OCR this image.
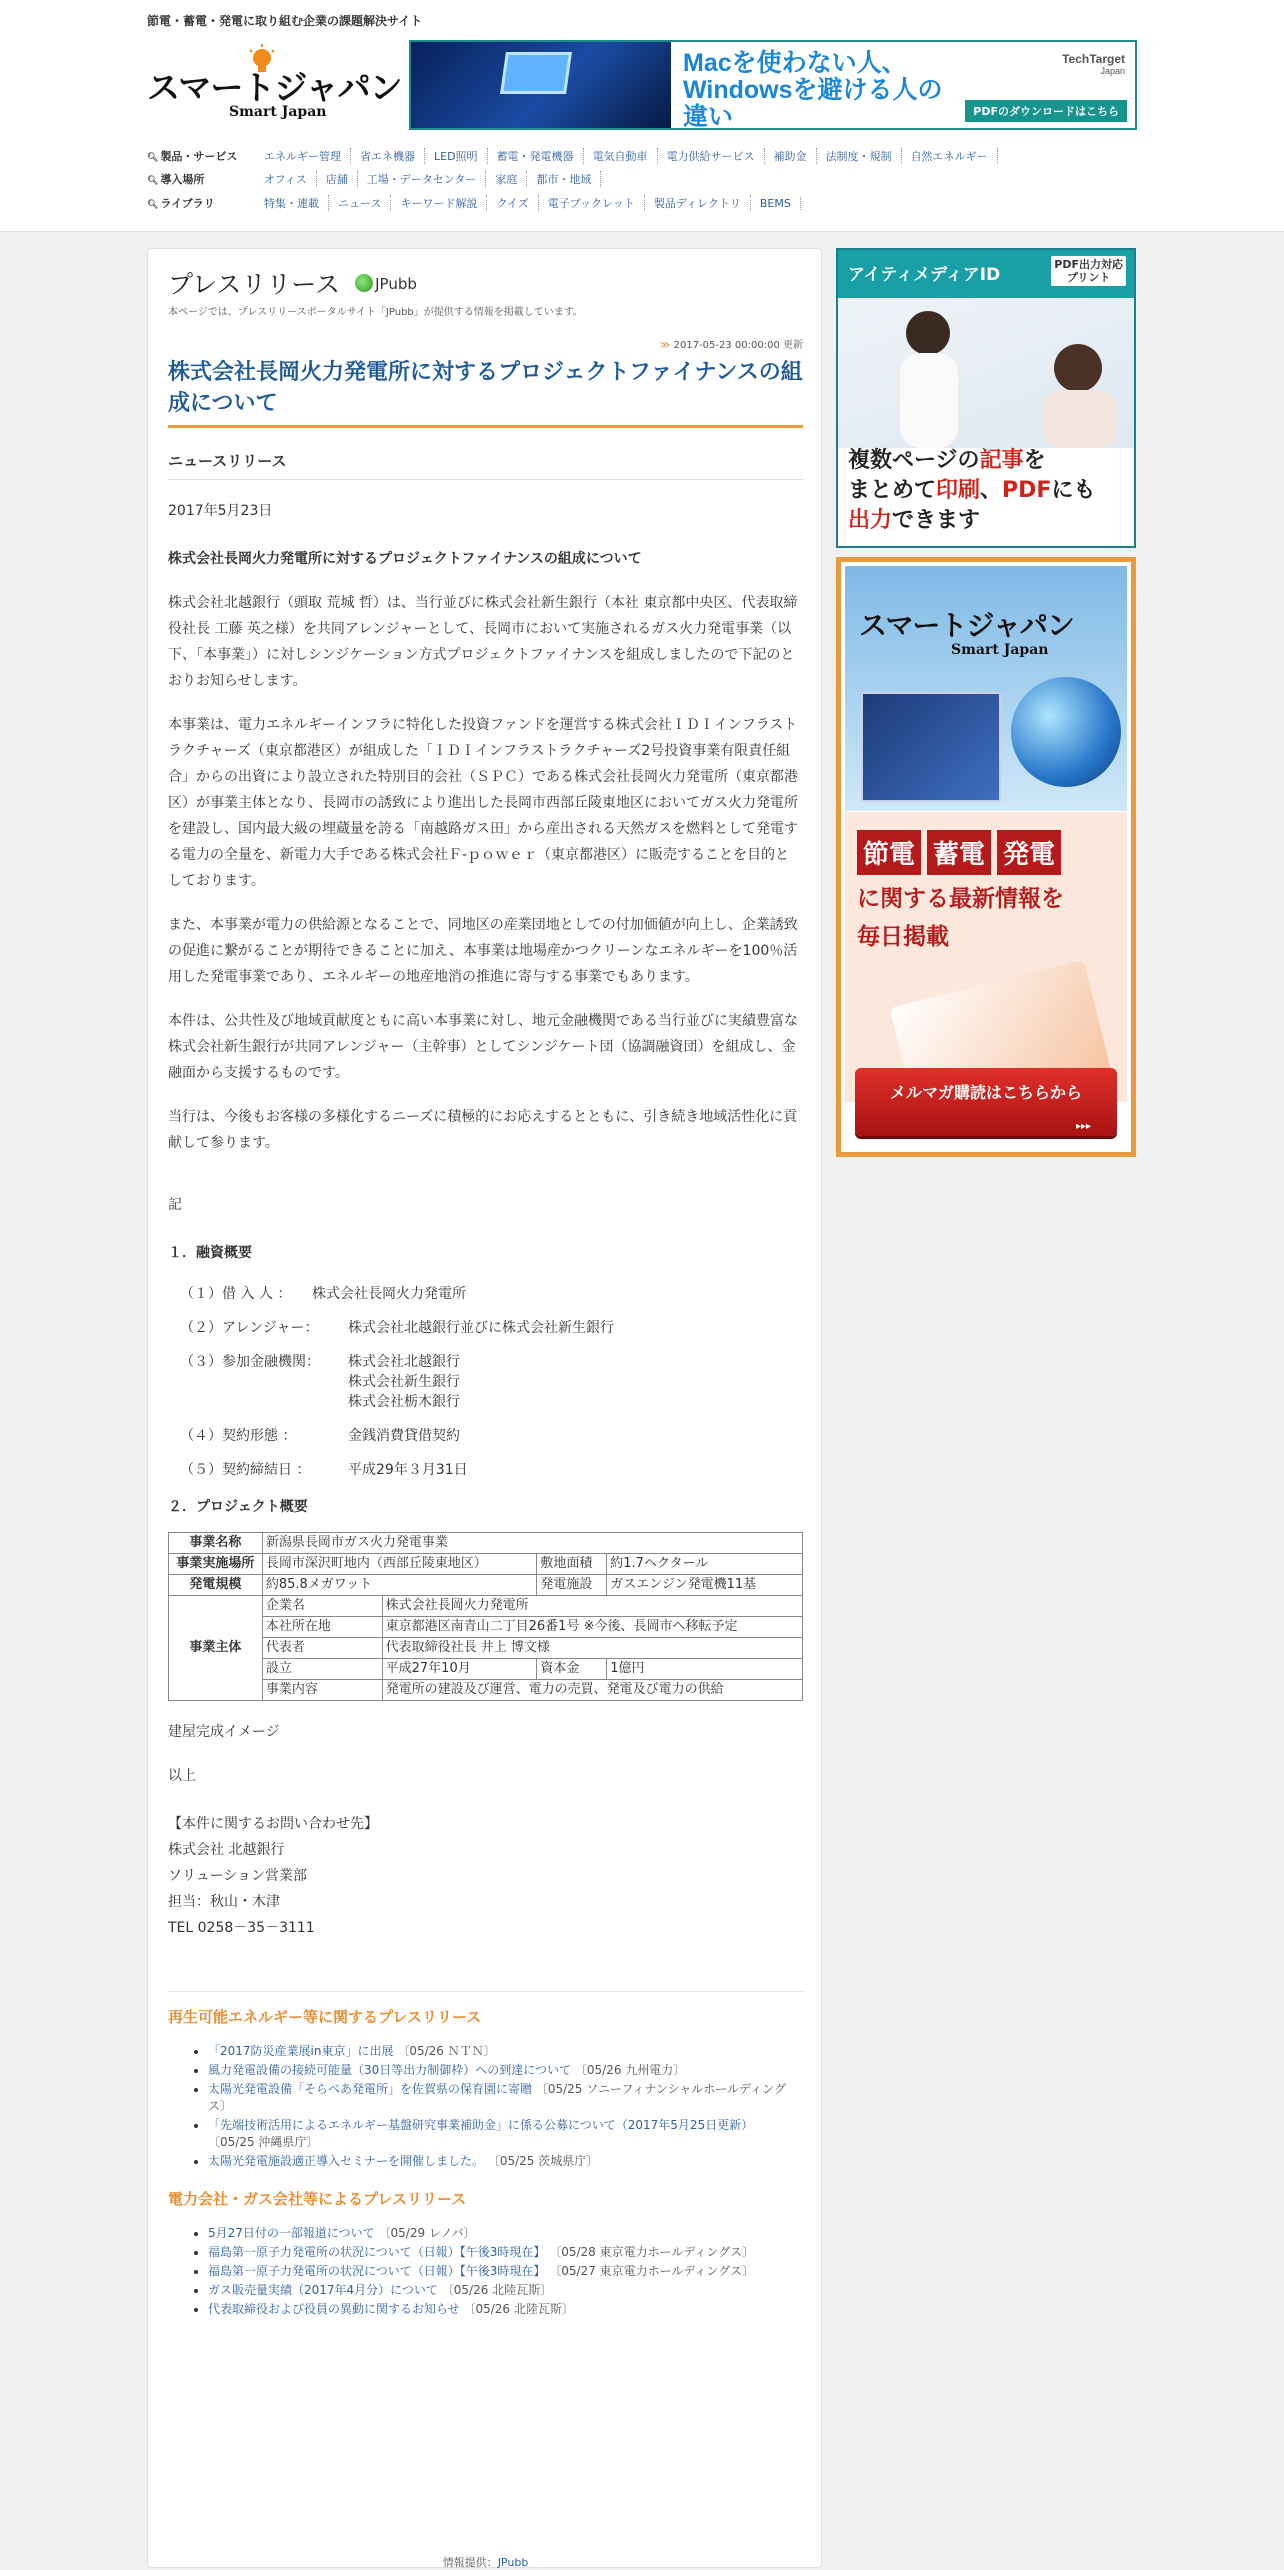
節電・蓄電・発電に取り組む企業の課題解決サイト
スマートジャパン
Smart Japan
Macを使わない人、
Windowsを避ける人の
違い
TechTarget
Japan
PDFのダウンロードはこちら
🔍︎ 製品・サービス エネルギー管理 省エネ機器 LED照明 蓄電・発電機器 電気自動車 電力供給サービス 補助金 法制度・規制 自然エネルギー
🔍︎ 導入場所	オフィス 店舗 工場・データセンター 家庭 都市・地域
🔍︎ ライブラリ	特集・連載 ニュース キーワード解説 クイズ 電子ブックレット 製品ディレクトリ BEMS
プレスリリース JPubb
本ページでは、プレスリリースポータルサイト「JPubb」が提供する情報を掲載しています。
≫ 2017-05-23 00:00:00 更新
株式会社長岡火力発電所に対するプロジェクトファイナンスの組成について
ニュースリリース
2017年5月23日
株式会社長岡火力発電所に対するプロジェクトファイナンスの組成について
株式会社北越銀行（頭取 荒城 哲）は、当行並びに株式会社新生銀行（本社 東京都中央区、代表取締役社長 工藤 英之様）を共同アレンジャーとして、長岡市において実施されるガス火力発電事業（以下、「本事業」）に対しシンジケーション方式プロジェクトファイナンスを組成しましたので下記のとおりお知らせします。
本事業は、電力エネルギーインフラに特化した投資ファンドを運営する株式会社ＩＤＩインフラストラクチャーズ（東京都港区）が組成した「ＩＤＩインフラストラクチャーズ2号投資事業有限責任組合」からの出資により設立された特別目的会社（ＳＰＣ）である株式会社長岡火力発電所（東京都港区）が事業主体となり、長岡市の誘致により進出した長岡市西部丘陵東地区においてガス火力発電所を建設し、国内最大級の埋蔵量を誇る「南越路ガス田」から産出される天然ガスを燃料として発電する電力の全量を、新電力大手である株式会社Ｆ‐ｐｏｗｅｒ（東京都港区）に販売することを目的としております。
また、本事業が電力の供給源となることで、同地区の産業団地としての付加価値が向上し、企業誘致の促進に繋がることが期待できることに加え、本事業は地場産かつクリーンなエネルギーを100％活用した発電事業であり、エネルギーの地産地消の推進に寄与する事業でもあります。
本件は、公共性及び地域貢献度ともに高い本事業に対し、地元金融機関である当行並びに実績豊富な株式会社新生銀行が共同アレンジャー（主幹事）としてシンジケート団（協調融資団）を組成し、金融面から支援するものです。
当行は、今後もお客様の多様化するニーズに積極的にお応えするとともに、引き続き地域活性化に貢献して参ります。
記
１．融資概要
（１）借 入 人 ：	株式会社長岡火力発電所
（２）アレンジャー：	株式会社北越銀行並びに株式会社新生銀行
（３）参加金融機関：	株式会社北越銀行
株式会社新生銀行
株式会社栃木銀行
（４）契約形態 ：	金銭消費貸借契約
（５）契約締結日 ：	平成29年３月31日
２．プロジェクト概要
事業名称	新潟県長岡市ガス火力発電事業			
事業実施場所	長岡市深沢町地内（西部丘陵東地区）		敷地面積	約1.7ヘクタール
発電規模	約85.8メガワット		発電施設	ガスエンジン発電機11基
事業主体	企業名	株式会社長岡火力発電所		
	本社所在地	東京都港区南青山二丁目26番1号 ※今後、長岡市へ移転予定		
	代表者	代表取締役社長 井上 博文様		
	設立	平成27年10月	資本金	1億円
	事業内容	発電所の建設及び運営、電力の売買、発電及び電力の供給		
建屋完成イメージ
以上
【本件に関するお問い合わせ先】
株式会社 北越銀行
ソリューション営業部
担当：秋山・木津
TEL 0258－35－3111
再生可能エネルギー等に関するプレスリリース
• 「2017防災産業展in東京」に出展 〔05/26 ＮＴＮ〕
• 風力発電設備の接続可能量（30日等出力制御枠）への到達について 〔05/26 九州電力〕
• 太陽光発電設備「そらべあ発電所」を佐賀県の保育園に寄贈 〔05/25 ソニーフィナンシャルホールディングス〕
• 「先端技術活用によるエネルギー基盤研究事業補助金」に係る公募について（2017年5月25日更新） 〔05/25 沖縄県庁〕
• 太陽光発電施設適正導入セミナーを開催しました。 〔05/25 茨城県庁〕
電力会社・ガス会社等によるプレスリリース
• 5月27日付の一部報道について 〔05/29 レノバ〕
• 福島第一原子力発電所の状況について（日報）【午後3時現在】 〔05/28 東京電力ホールディングス〕
• 福島第一原子力発電所の状況について（日報）【午後3時現在】 〔05/27 東京電力ホールディングス〕
• ガス販売量実績（2017年4月分）について 〔05/26 北陸瓦斯〕
• 代表取締役および役員の異動に関するお知らせ 〔05/26 北陸瓦斯〕
情報提供：JPubb
アイティメディアID
PDF出力対応
プリント
複数ページの記事を
まとめて印刷、PDFにも
出力できます
スマートジャパン
Smart Japan
節電 蓄電 発電
に関する最新情報を
毎日掲載
メルマガ購読はこちらから
▸▸▸
